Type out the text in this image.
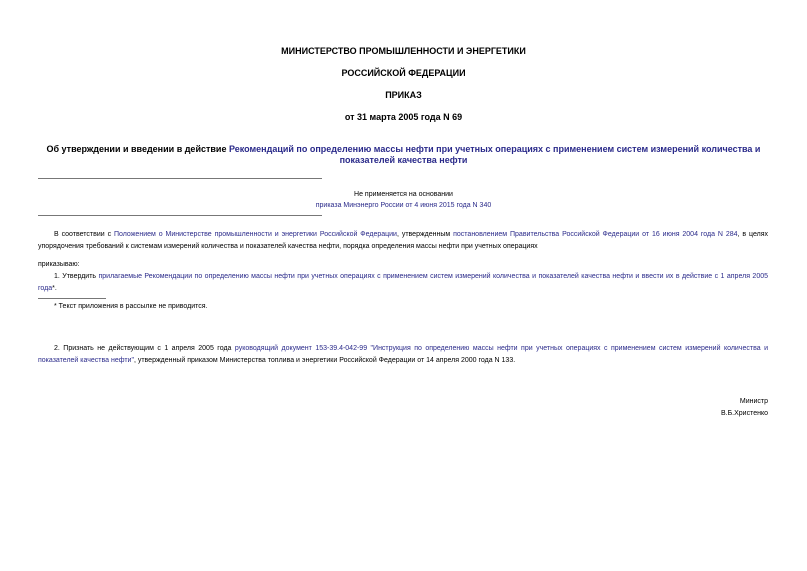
МИНИСТЕРСТВО ПРОМЫШЛЕННОСТИ И ЭНЕРГЕТИКИ

РОССИЙСКОЙ ФЕДЕРАЦИИ

ПРИКАЗ

от 31 марта 2005 года N 69

Об утверждении и введении в действие Рекомендаций по определению массы нефти при учетных операциях с применением систем измерений количества и
показателей качества нефти

Не применяется на основании

приказа Минэнерго России от 4 июня 2015 года N 340

В соответствии с Положением о Министерстве промышленности и энергетики Российской Федерации, утвержденным постановлением Правительства Российской Федерации от 16 июня 2004 года N 284, в целях упорядочения требований к системам измерений количества и показателей качества нефти, порядка определения массы нефти при учетных операциях

приказываю:

1. Утвердить прилагаемые Рекомендации по определению массы нефти при учетных операциях с применением систем измерений количества и показателей качества нефти и ввести их в действие с 1 апреля 2005 года*.

* Текст приложения в рассылке не приводится.

2. Признать не действующим с 1 апреля 2005 года руководящий документ 153-39.4-042-99 "Инструкция по определению массы нефти при учетных операциях с применением систем измерений количества и показателей качества нефти", утвержденный приказом Министерства топлива и энергетики Российской Федерации от 14 апреля 2000 года N 133.

Министр
В.Б.Христенко
